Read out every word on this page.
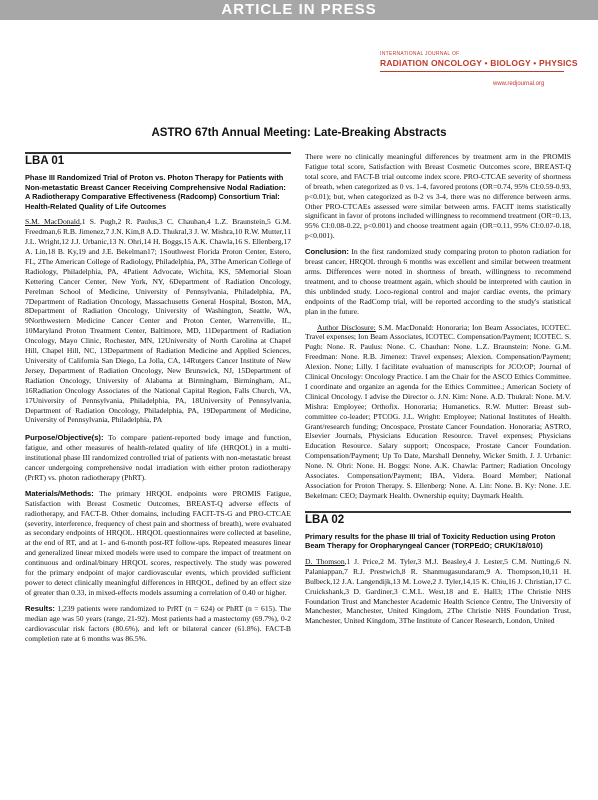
ARTICLE IN PRESS
INTERNATIONAL JOURNAL OF
RADIATION ONCOLOGY • BIOLOGY • PHYSICS
www.redjournal.org
ASTRO 67th Annual Meeting: Late-Breaking Abstracts
LBA 01
Phase III Randomized Trial of Proton vs. Photon Therapy for Patients with Non-metastatic Breast Cancer Receiving Comprehensive Nodal Radiation: A Radiotherapy Comparative Effectiveness (Radcomp) Consortium Trial: Health-Related Quality of Life Outcomes

S.M. MacDonald,1 S. Pugh,2 R. Paulus,3 C. Chauhan,4 L.Z. Braunstein,5 G.M. Freedman,6 R.B. Jimenez,7 J.N. Kim,8 A.D. Thukral,3 J. W. Mishra,10 R.W. Mutter,11 J.L. Wright,12 J.J. Urbanic,13 N. Ohri,14 H. Boggs,15 A.K. Chawla,16 S. Ellenberg,17 A. Lin,18 B. Ky,19 and J.E. Bekelman17; 1Southwest Florida Proton Center, Estero, FL, 2The American College of Radiology, Philadelphia, PA, 3The American College of Radiology, Philadelphia, PA, 4Patient Advocate, Wichita, KS, 5Memorial Sloan Kettering Cancer Center, New York, NY, 6Department of Radiation Oncology, Perelman School of Medicine, University of Pennsylvania, Philadelphia, PA, 7Department of Radiation Oncology, Massachusetts General Hospital, Boston, MA, 8Department of Radiation Oncology, University of Washington, Seattle, WA, 9Northwestern Medicine Cancer Center and Proton Center, Warrenville, IL, 10Maryland Proton Treatment Center, Baltimore, MD, 11Department of Radiation Oncology, Mayo Clinic, Rochester, MN, 12University of North Carolina at Chapel Hill, Chapel Hill, NC, 13Department of Radiation Medicine and Applied Sciences, University of California San Diego, La Jolla, CA, 14Rutgers Cancer Institute of New Jersey, Department of Radiation Oncology, New Brunswick, NJ, 15Department of Radiation Oncology, University of Alabama at Birmingham, Birmingham, AL, 16Radiation Oncology Associates of the National Capital Region, Falls Church, VA, 17University of Pennsylvania, Philadelphia, PA, 18University of Pennsylvania, Department of Radiation Oncology, Philadelphia, PA, 19Department of Medicine, University of Pennsylvania, Philadelphia, PA

Purpose/Objective(s): To compare patient-reported body image and function, fatigue, and other measures of health-related quality of life (HRQOL) in a multi-institutional phase III randomized controlled trial of patients with non-metastatic breast cancer undergoing comprehensive nodal irradiation with either proton radiotherapy (PrRT) vs. photon radiotherapy (PhRT).

Materials/Methods: The primary HRQOL endpoints were PROMIS Fatigue, Satisfaction with Breast Cosmetic Outcomes, BREAST-Q adverse effects of radiotherapy, and FACT-B. Other domains, including FACIT-TS-G and PRO-CTCAE (severity, interference, frequency of chest pain and shortness of breath), were evaluated as secondary endpoints of HRQOL. HRQOL questionnaires were collected at baseline, at the end of RT, and at 1- and 6-month post-RT follow-ups. Repeated measures linear and generalized linear mixed models were used to compare the impact of treatment on continuous and ordinal/binary HRQOL scores, respectively. The study was powered for the primary endpoint of major cardiovascular events, which provided sufficient power to detect clinically meaningful differences in HRQOL, defined by an effect size of greater than 0.33, in mixed-effects models assuming a correlation of 0.40 or higher.

Results: 1,239 patients were randomized to PrRT (n = 624) or PhRT (n = 615). The median age was 50 years (range, 21-92). Most patients had a mastectomy (69.7%), 0-2 cardiovascular risk factors (80.6%), and left or bilateral cancer (61.8%). FACT-B completion rate at 6 months was 86.5%.

There were no clinically meaningful differences by treatment arm in the PROMIS Fatigue total score, Satisfaction with Breast Cosmetic Outcomes score, BREAST-Q total score, and FACT-B trial outcome index score. PRO-CTCAE severity of shortness of breath, when categorized as 0 vs. 1-4, favored protons (OR=0.74, 95% CI:0.59-0.93, p<0.01); but, when categorized as 0-2 vs 3-4, there was no difference between arms. Other PRO-CTCAEs assessed were similar between arms. FACIT items statistically significant in favor of protons included willingness to recommend treatment (OR=0.13, 95% CI:0.08-0.22, p<0.001) and choose treatment again (OR=0.11, 95% CI:0.07-0.18, p<0.001).

Conclusion: In the first randomized study comparing proton to photon radiation for breast cancer, HRQOL through 6 months was excellent and similar between treatment arms. Differences were noted in shortness of breath, willingness to recommend treatment, and to choose treatment again, which should be interpreted with caution in this unblinded study. Loco-regional control and major cardiac events, the primary endpoints of the RadComp trial, will be reported according to the study's statistical plan in the future.

Author Disclosure: S.M. MacDonald: Honoraria; Ion Beam Associates, ICOTEC. Travel expenses; Ion Beam Associates, ICOTEC. Compensation/Payment; ICOTEC. S. Pugh: None. R. Paulus: None. C. Chauhan: None. L.Z. Braunstein: None. G.M. Freedman: None. R.B. Jimenez: Travel expenses; Alexion. Compensation/Payment; Alexion. None; Lilly. I facilitate evaluation of manuscripts for JCO:OP; Journal of Clinical Oncology: Oncology Practice. I am the Chair for the ASCO Ethics Committee. I coordinate and organize an agenda for the Ethics Committee.; American Society of Clinical Oncology. I advise the Director o. J.N. Kim: None. A.D. Thukral: None. M.V. Mishra: Employee; Orthofix. Honoraria; Humanetics. R.W. Mutter: Breast sub-committee co-leader; PTCOG. J.L. Wright: Employee; National Institutes of Health. Grant/research funding; Oncospace, Prostate Cancer Foundation. Honoraria; ASTRO, Elsevier Journals, Physicians Education Resource. Travel expenses; Physicians Education Resource. Salary support; Oncospace, Prostate Cancer Foundation. Compensation/Payment; Up To Date, Marshall Dennehy, Wicker Smith. J. J. Urbanic: None. N. Ohri: None. H. Boggs: None. A.K. Chawla: Partner; Radiation Oncology Associates. Compensation/Payment; IBA, Videra. Board Member; National Association for Proton Therapy. S. Ellenberg: None. A. Lin: None. B. Ky: None. J.E. Bekelman: CEO; Daymark Health. Ownership equity; Daymark Health.

LBA 02
Primary results for the phase III trial of Toxicity Reduction using Proton Beam Therapy for Oropharyngeal Cancer (TORPEdO; CRUK/18/010)

D. Thomson,1 J. Price,2 M. Tyler,3 M.J. Beasley,4 J. Lester,5 C.M. Nutting,6 N. Palaniappan,7 R.J. Prestwich,8 R. Shanmugasundaram,9 A. Thompson,10,11 H. Bulbeck,12 J.A. Langendijk,13 M. Lowe,2 J. Tyler,14,15 K. Chiu,16 J. Christian,17 C. Cruickshank,3 D. Gardiner,3 C.M.L. West,18 and E. Hall3; 1The Christie NHS Foundation Trust and Manchester Academic Health Science Centre, The University of Manchester, Manchester, United Kingdom, 2The Christie NHS Foundation Trust, Manchester, United Kingdom, 3The Institute of Cancer Research, London, United
